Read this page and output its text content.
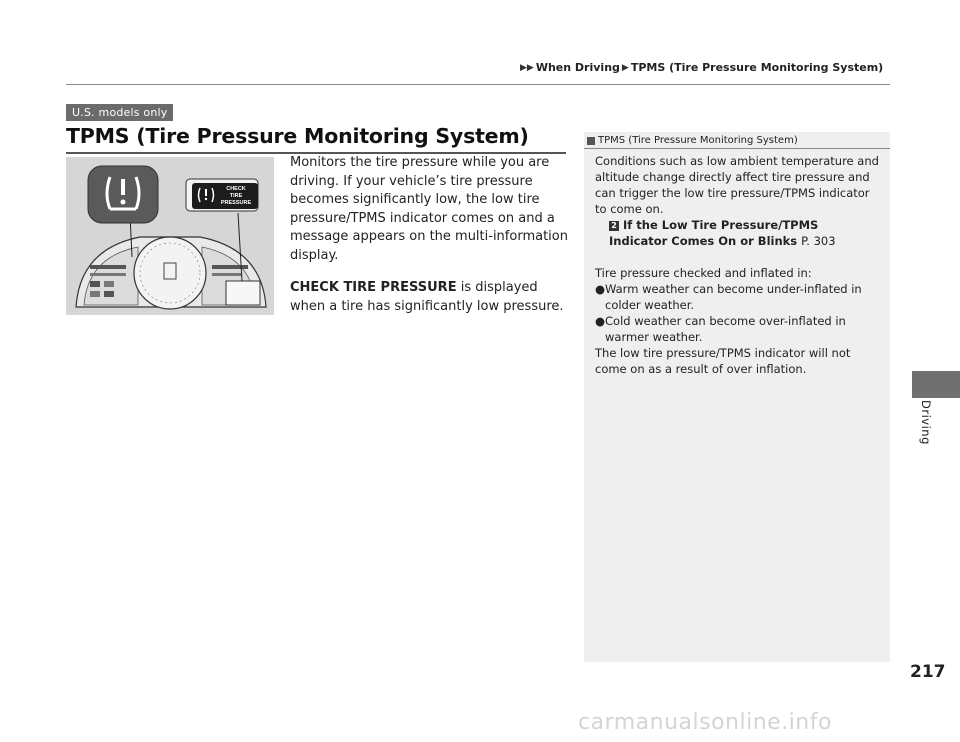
▶▶ When Driving ▶ TPMS (Tire Pressure Monitoring System)
U.S. models only
TPMS (Tire Pressure Monitoring System)
CHECK
TIRE
PRESSURE

Monitors the tire pressure while you are driving. If your vehicle’s tire pressure becomes significantly low, the low tire pressure/TPMS indicator comes on and a message appears on the multi-information display.

CHECK TIRE PRESSURE is displayed when a tire has significantly low pressure.

TPMS (Tire Pressure Monitoring System)

Conditions such as low ambient temperature and altitude change directly affect tire pressure and can trigger the low tire pressure/TPMS indicator to come on.

2 If the Low Tire Pressure/TPMS Indicator Comes On or Blinks P. 303

Tire pressure checked and inflated in:

●Warm weather can become under-inflated in colder weather.

●Cold weather can become over-inflated in warmer weather.

The low tire pressure/TPMS indicator will not come on as a result of over inflation.

Driving
217
carmanualsonline.info
